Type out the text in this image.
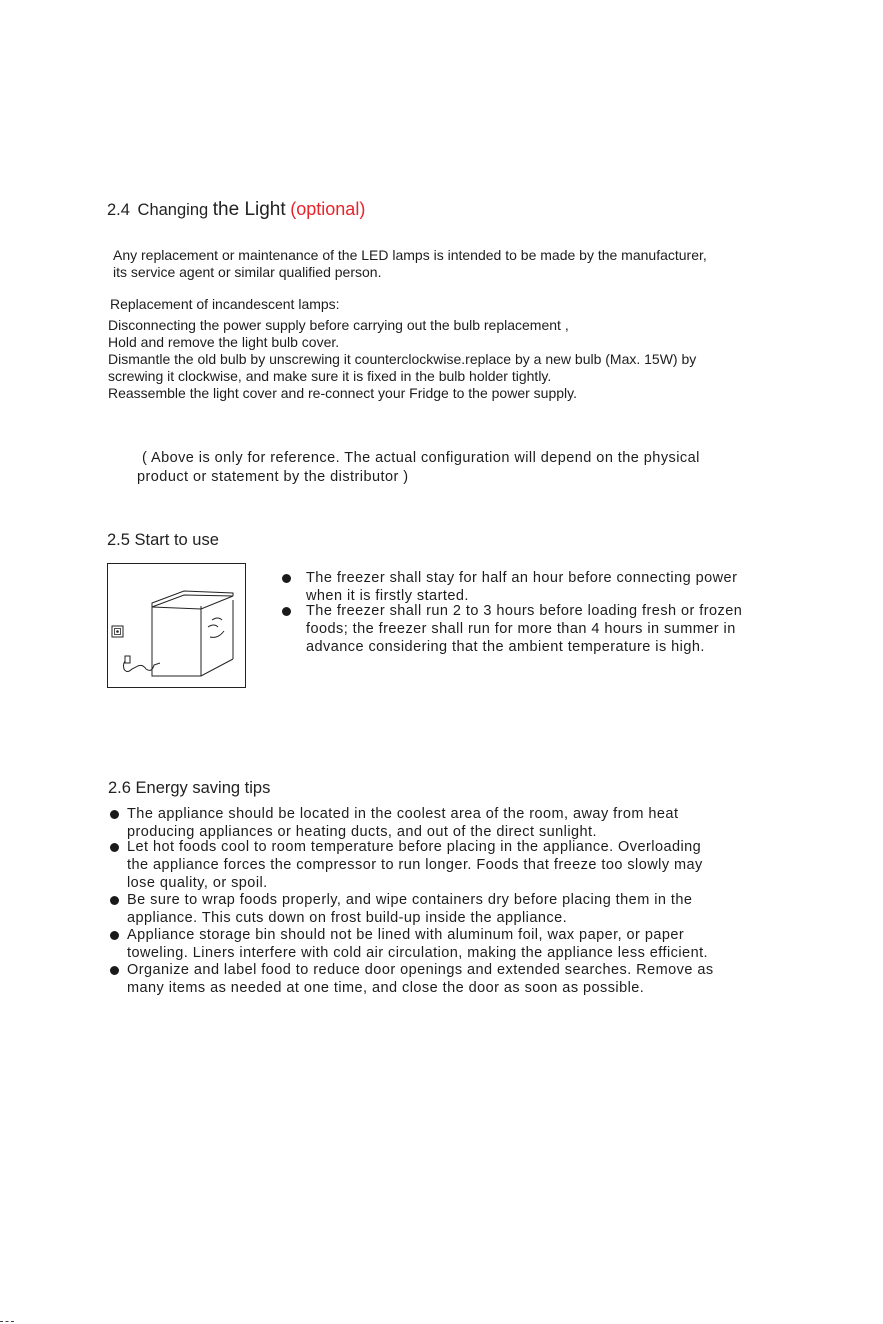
2.4 Changing the Light (optional)
Any replacement or maintenance of the LED lamps is intended to be made by the manufacturer,
its service agent or similar qualified person.
Replacement of incandescent lamps:
Disconnecting the power supply before carrying out the bulb replacement ,
Hold and remove the light bulb cover.
Dismantle the old bulb by unscrewing it counterclockwise.replace by a new bulb (Max. 15W) by
screwing it clockwise, and make sure it is fixed in the bulb holder tightly.
Reassemble the light cover and re-connect your Fridge to the power supply.
( Above is only for reference. The actual configuration will depend on the physical
product or statement by the distributor )
2.5 Start to use
The freezer shall stay for half an hour before connecting power
when it is firstly started.
The freezer shall run 2 to 3 hours before loading fresh or frozen
foods; the freezer shall run for more than 4 hours in summer in
advance considering that the ambient temperature is high.
2.6 Energy saving tips
The appliance should be located in the coolest area of the room, away from heat
producing appliances or heating ducts, and out of the direct sunlight.
Let hot foods cool to room temperature before placing in the appliance. Overloading
the appliance forces the compressor to run longer. Foods that freeze too slowly may
lose quality, or spoil.
Be sure to wrap foods properly, and wipe containers dry before placing them in the
appliance. This cuts down on frost build-up inside the appliance.
Appliance storage bin should not be lined with aluminum foil, wax paper, or paper
toweling. Liners interfere with cold air circulation, making the appliance less efficient.
Organize and label food to reduce door openings and extended searches. Remove as
many items as needed at one time, and close the door as soon as possible.
